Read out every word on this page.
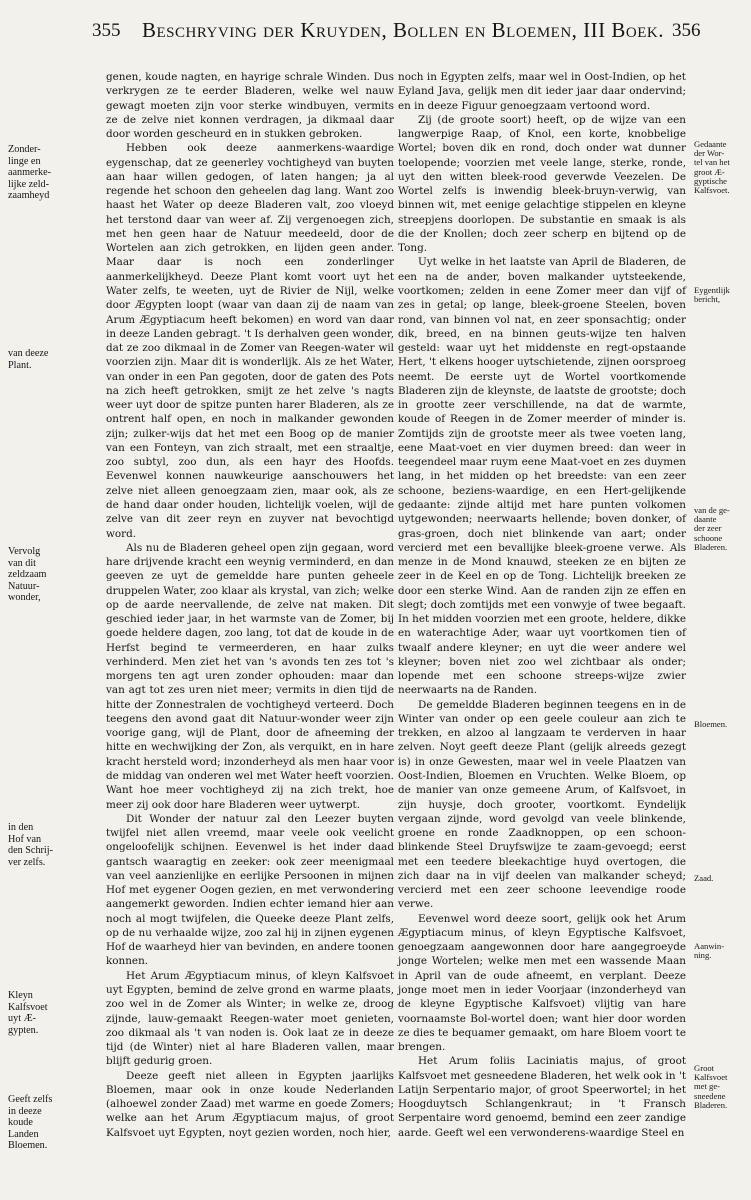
355 Beschryving der Kruyden, Bollen en Bloemen, III Boek. 356

genen, koude nagten, en hayrige schrale Winden. Dus verkrygen ze te eerder Bladeren, welke wel nauw gewagt moeten zijn voor sterke windbuyen, vermits ze de zelve niet konnen verdragen, ja dikmaal daar door worden gescheurd en in stukken gebroken.

Hebben ook deeze aanmerkens-waardige eygenschap, dat ze geenerley vochtigheyd van buyten aan haar willen gedogen, of laten hangen; ja al regende het schoon den geheelen dag lang. Want zoo haast het Water op deeze Bladeren valt, zoo vloeyd het terstond daar van weer af. Zij vergenoegen zich, met hen geen haar de Natuur meedeeld, door de Wortelen aan zich getrokken, en lijden geen ander. Maar daar is noch een zonderlinger aanmerkelijkheyd. Deeze Plant komt voort uyt het Water zelfs, te weeten, uyt de Rivier de Nijl, welke door Ægypten loopt (waar van daan zij de naam van Arum Ægyptiacum heeft bekomen) en word van daar in deeze Landen gebragt. 't Is derhalven geen wonder, dat ze zoo dikmaal in de Zomer van Reegen-water wil voorzien zijn. Maar dit is wonderlijk. Als ze het Water, van onder in een Pan gegoten, door de gaten des Pots na zich heeft getrokken, smijt ze het zelve 's nagts weer uyt door de spitze punten harer Bladeren, als ze ontrent half open, en noch in malkander gewonden zijn; zulker-wijs dat het met een Boog op de manier van een Fonteyn, van zich straalt, met een straaltje, zoo subtyl, zoo dun, als een hayr des Hoofds. Eevenwel konnen nauwkeurige aanschouwers het zelve niet alleen genoegzaam zien, maar ook, als ze de hand daar onder houden, lichtelijk voelen, wijl de zelve van dit zeer reyn en zuyver nat bevochtigd word.

Als nu de Bladeren geheel open zijn gegaan, word hare drijvende kracht een weynig verminderd, en dan geeven ze uyt de gemeldde hare punten geheele druppelen Water, zoo klaar als krystal, van zich; welke op de aarde neervallende, de zelve nat maken. Dit geschied ieder jaar, in het warmste van de Zomer, bij goede heldere dagen, zoo lang, tot dat de koude in de Herfst begind te vermeerderen, en haar zulks verhinderd. Men ziet het van 's avonds ten zes tot 's morgens ten agt uren zonder ophouden: maar dan van agt tot zes uren niet meer; vermits in dien tijd de hitte der Zonnestralen de vochtigheyd verteerd. Doch teegens den avond gaat dit Natuur-wonder weer zijn voorige gang, wijl de Plant, door de afneeming der hitte en wechwijking der Zon, als verquikt, en in hare kracht hersteld word; inzonderheyd als men haar voor de middag van onderen wel met Water heeft voorzien. Want hoe meer vochtigheyd zij na zich trekt, hoe meer zij ook door hare Bladeren weer uytwerpt.

Dit Wonder der natuur zal den Leezer buyten twijfel niet allen vreemd, maar veele ook veelicht ongeloofelijk schijnen. Eevenwel is het inder daad gantsch waaragtig en zeeker: ook zeer meenigmaal van veel aanzienlijke en eerlijke Persoonen in mijnen Hof met eygener Oogen gezien, en met verwondering aangemerkt geworden. Indien echter iemand hier aan noch al mogt twijfelen, die Queeke deeze Plant zelfs, op de nu verhaalde wijze, zoo zal hij in zijnen eygenen Hof de waarheyd hier van bevinden, en andere toonen konnen.

Het Arum Ægyptiacum minus, of kleyn Kalfsvoet uyt Egypten, bemind de zelve grond en warme plaats, zoo wel in de Zomer als Winter; in welke ze, droog zijnde, lauw-gemaakt Reegen-water moet genieten, zoo dikmaal als 't van noden is. Ook laat ze in deeze tijd (de Winter) niet al hare Bladeren vallen, maar blijft gedurig groen.

Deeze geeft niet alleen in Egypten jaarlijks Bloemen, maar ook in onze koude Nederlanden (alhoewel zonder Zaad) met warme en goede Zomers; welke aan het Arum Ægyptiacum majus, of groot Kalfsvoet uyt Egypten, noyt gezien worden, noch hier,

noch in Egypten zelfs, maar wel in Oost-Indien, op het Eyland Java, gelijk men dit ieder jaar daar ondervind; en in deeze Figuur genoegzaam vertoond word.

Zij (de groote soort) heeft, op de wijze van een langwerpige Raap, of Knol, een korte, knobbelige Wortel; boven dik en rond, doch onder wat dunner toelopende; voorzien met veele lange, sterke, ronde, uyt den witten bleek-rood geverwde Veezelen. De Wortel zelfs is inwendig bleek-bruyn-verwig, van binnen wit, met eenige gelachtige stippelen en kleyne streepjens doorlopen. De substantie en smaak is als die der Knollen; doch zeer scherp en bijtend op de Tong.

Uyt welke in het laatste van April de Bladeren, de een na de ander, boven malkander uytsteekende, voortkomen; zelden in eene Zomer meer dan vijf of zes in getal; op lange, bleek-groene Steelen, boven rond, van binnen vol nat, en zeer sponsachtig; onder dik, breed, en na binnen geuts-wijze ten halven gesteld: waar uyt het middenste en regt-opstaande Hert, 't elkens hooger uytschietende, zijnen oorsproeg neemt. De eerste uyt de Wortel voortkomende Bladeren zijn de kleynste, de laatste de grootste; doch in grootte zeer verschillende, na dat de warmte, koude of Reegen in de Zomer meerder of minder is. Zomtijds zijn de grootste meer als twee voeten lang, eene Maat-voet en vier duymen breed: dan weer in teegendeel maar ruym eene Maat-voet en zes duymen lang, in het midden op het breedste: van een zeer schoone, beziens-waardige, en een Hert-gelijkende gedaante: zijnde altijd met hare punten volkomen uytgewonden; neerwaarts hellende; boven donker, of gras-groen, doch niet blinkende van aart; onder vercierd met een bevallijke bleek-groene verwe. Als menze in de Mond knauwd, steeken ze en bijten ze zeer in de Keel en op de Tong. Lichtelijk breeken ze door een sterke Wind. Aan de randen zijn ze effen en slegt; doch zomtijds met een vonwyje of twee begaaft. In het midden voorzien met een groote, heldere, dikke en waterachtige Ader, waar uyt voortkomen tien of twaalf andere kleyner; en uyt die weer andere wel kleyner; boven niet zoo wel zichtbaar als onder; lopende met een schoone streeps-wijze zwier neerwaarts na de Randen.

De gemeldde Bladeren beginnen teegens en in de Winter van onder op een geele couleur aan zich te trekken, en alzoo al langzaam te verderven in haar zelven. Noyt geeft deeze Plant (gelijk alreeds gezegt is) in onze Gewesten, maar wel in veele Plaatzen van Oost-Indien, Bloemen en Vruchten. Welke Bloem, op de manier van onze gemeene Arum, of Kalfsvoet, in zijn huysje, doch grooter, voortkomt. Eyndelijk vergaan zijnde, word gevolgd van veele blinkende, groene en ronde Zaadknoppen, op een schoon-blinkende Steel Druyfswijze te zaam-gevoegd; eerst met een teedere bleekachtige huyd overtogen, die zich daar na in vijf deelen van malkander scheyd; vercierd met een zeer schoone leevendige roode verwe.

Eevenwel word deeze soort, gelijk ook het Arum Ægyptiacum minus, of kleyn Egyptische Kalfsvoet, genoegzaam aangewonnen door hare aangegroeyde jonge Wortelen; welke men met een wassende Maan in April van de oude afneemt, en verplant. Deeze jonge moet men in ieder Voorjaar (inzonderheyd van de kleyne Egyptische Kalfsvoet) vlijtig van hare voornaamste Bol-wortel doen; want hier door worden ze dies te bequamer gemaakt, om hare Bloem voort te brengen.

Het Arum foliis Laciniatis majus, of groot Kalfsvoet met gesneedene Bladeren, het welk ook in 't Latijn Serpentario major, of groot Speerwortel; in het Hoogduytsch Schlangenkraut; in 't Fransch Serpentaire word genoemd, bemind een zeer zandige aarde. Geeft wel een verwonderens-waardige Steel en

Zonder-
linge en
aanmerke-
lijke zeld-
zaamheyd
van deeze
Plant.
Vervolg
van dit
zeldzaam
Natuur-
wonder,
in den
Hof van
den Schrij-
ver zelfs.
Kleyn
Kalfsvoet
uyt Æ-
gypten.
Geeft zelfs
in deeze
koude
Landen
Bloemen.
Gedaante
der Wor-
tel van het
groot Æ-
gyptische
Kalfsvoet.
Eygentlijk
bericht,
van de ge-
daante
der zeer
schoone
Bladeren.
Bloemen.
Zaad.
Aanwin-
ning.
Groot
Kalfsvoet
met ge-
sneedene
Bladeren.
